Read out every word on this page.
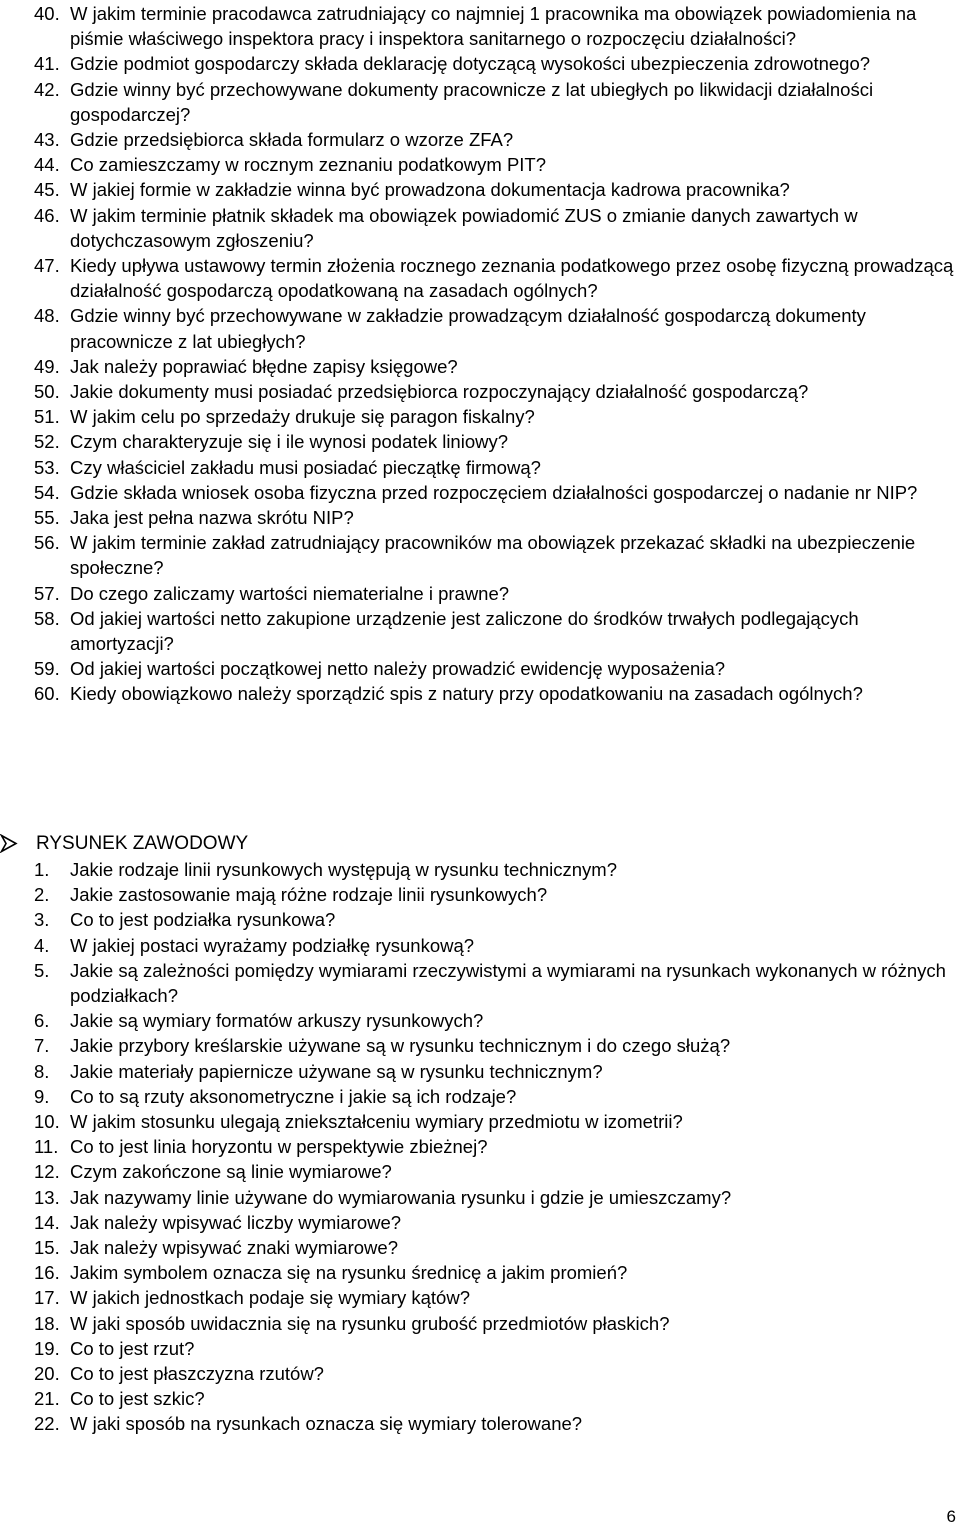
40. W jakim terminie pracodawca zatrudniający co najmniej 1 pracownika ma obowiązek powiadomienia na piśmie właściwego inspektora pracy i inspektora sanitarnego o rozpoczęciu działalności?
41. Gdzie podmiot gospodarczy składa deklarację dotyczącą wysokości ubezpieczenia zdrowotnego?
42. Gdzie winny być przechowywane dokumenty pracownicze z lat ubiegłych po likwidacji działalności gospodarczej?
43. Gdzie przedsiębiorca składa formularz o wzorze ZFA?
44. Co zamieszczamy w rocznym zeznaniu podatkowym PIT?
45. W jakiej formie w zakładzie winna być prowadzona dokumentacja kadrowa pracownika?
46. W jakim terminie płatnik składek ma obowiązek powiadomić ZUS o zmianie danych zawartych w dotychczasowym zgłoszeniu?
47. Kiedy upływa ustawowy termin złożenia rocznego zeznania podatkowego przez osobę fizyczną prowadzącą działalność gospodarczą opodatkowaną na zasadach ogólnych?
48. Gdzie winny być przechowywane w zakładzie prowadzącym działalność gospodarczą dokumenty pracownicze z lat ubiegłych?
49. Jak należy poprawiać błędne zapisy księgowe?
50. Jakie dokumenty musi posiadać przedsiębiorca rozpoczynający działalność gospodarczą?
51. W jakim celu po sprzedaży drukuje się paragon fiskalny?
52. Czym charakteryzuje się i ile wynosi podatek liniowy?
53. Czy właściciel zakładu musi posiadać pieczątkę firmową?
54. Gdzie składa wniosek osoba fizyczna przed rozpoczęciem działalności gospodarczej o nadanie nr NIP?
55. Jaka jest pełna nazwa skrótu NIP?
56. W jakim terminie zakład zatrudniający pracowników ma obowiązek przekazać składki na ubezpieczenie społeczne?
57. Do czego zaliczamy wartości niematerialne i prawne?
58. Od jakiej wartości netto zakupione urządzenie jest zaliczone do środków trwałych podlegających amortyzacji?
59. Od jakiej wartości początkowej netto należy prowadzić ewidencję wyposażenia?
60. Kiedy obowiązkowo należy sporządzić spis z natury przy opodatkowaniu na zasadach ogólnych?
RYSUNEK ZAWODOWY
1. Jakie rodzaje linii rysunkowych występują w rysunku technicznym?
2. Jakie zastosowanie mają różne rodzaje linii rysunkowych?
3. Co to jest podziałka rysunkowa?
4. W jakiej postaci wyrażamy podziałkę rysunkową?
5. Jakie są zależności pomiędzy wymiarami rzeczywistymi a wymiarami na rysunkach wykonanych w różnych podziałkach?
6. Jakie są wymiary formatów arkuszy rysunkowych?
7. Jakie przybory kreślarskie używane są w rysunku technicznym i do czego służą?
8. Jakie materiały papiernicze używane są w rysunku technicznym?
9. Co to są rzuty aksonometryczne i jakie są ich rodzaje?
10. W jakim stosunku ulegają zniekształceniu wymiary przedmiotu w izometrii?
11. Co to jest linia horyzontu w perspektywie zbieżnej?
12. Czym zakończone są linie wymiarowe?
13. Jak nazywamy linie używane do wymiarowania rysunku i gdzie je umieszczamy?
14. Jak należy wpisywać liczby wymiarowe?
15. Jak należy wpisywać znaki wymiarowe?
16. Jakim symbolem oznacza się na rysunku średnicę a jakim promień?
17. W jakich jednostkach podaje się wymiary kątów?
18. W jaki sposób uwidacznia się na rysunku grubość przedmiotów płaskich?
19. Co to jest rzut?
20. Co to jest płaszczyzna rzutów?
21. Co to jest szkic?
22. W jaki sposób na rysunkach oznacza się wymiary tolerowane?
6
